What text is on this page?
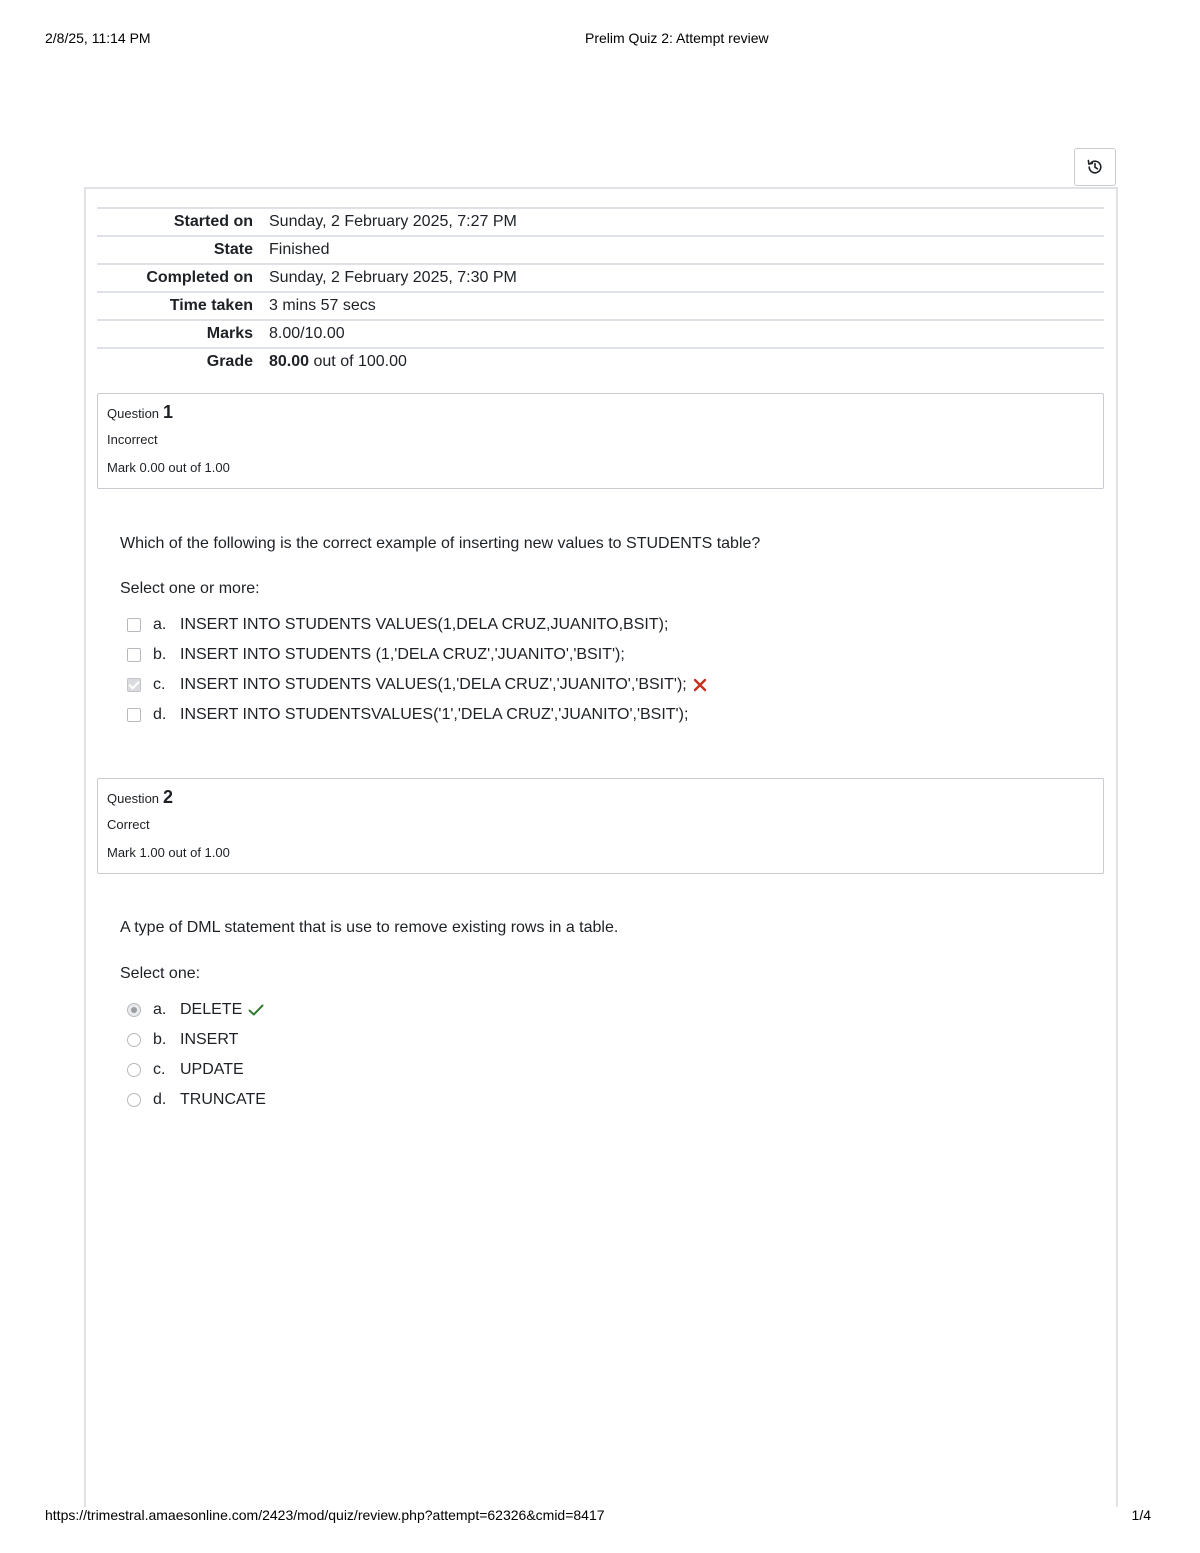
2/8/25, 11:14 PM	Prelim Quiz 2: Attempt review
Started on	Sunday, 2 February 2025, 7:27 PM
State	Finished
Completed on	Sunday, 2 February 2025, 7:30 PM
Time taken	3 mins 57 secs
Marks	8.00/10.00
Grade	80.00 out of 100.00
Question 1
Incorrect
Mark 0.00 out of 1.00
Which of the following is the correct example of inserting new values to STUDENTS table?
Select one or more:
a. INSERT INTO STUDENTS VALUES(1,DELA CRUZ,JUANITO,BSIT);
b. INSERT INTO STUDENTS (1,'DELA CRUZ','JUANITO','BSIT');
c. INSERT INTO STUDENTS VALUES(1,'DELA CRUZ','JUANITO','BSIT');
d. INSERT INTO STUDENTSVALUES('1','DELA CRUZ','JUANITO','BSIT');
Question 2
Correct
Mark 1.00 out of 1.00
A type of DML statement that is use to remove existing rows in a table.
Select one:
a. DELETE
b. INSERT
c. UPDATE
d. TRUNCATE
https://trimestral.amaesonline.com/2423/mod/quiz/review.php?attempt=62326&cmid=8417	1/4
